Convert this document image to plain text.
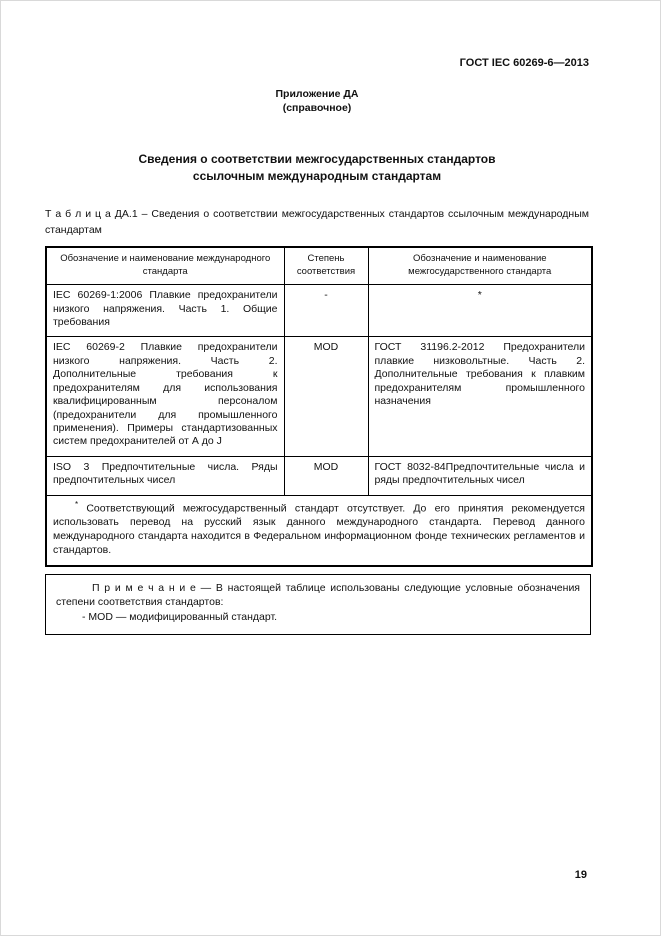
ГОСТ IEC 60269-6—2013
Приложение ДА
(справочное)
Сведения о соответствии межгосударственных стандартов
ссылочным международным стандартам
Т а б л и ц а ДА.1 – Сведения о соответствии межгосударственных стандартов ссылочным международным стандартам
Обозначение и наименование международного стандарта	Степень соответствия	Обозначение и наименование межгосударственного стандарта
IEC 60269-1:2006 Плавкие предохранители низкого напряжения. Часть 1. Общие требования	-	*
IEC 60269-2 Плавкие предохранители низкого напряжения. Часть 2. Дополнительные требования к предохранителям для использования квалифицированным персоналом (предохранители для промышленного применения). Примеры стандартизованных систем предохранителей от А до J	MOD	ГОСТ 31196.2-2012 Предохранители плавкие низковольтные. Часть 2. Дополнительные требования к плавким предохранителям промышленного назначения
ISO 3 Предпочтительные числа. Ряды предпочтительных чисел	MOD	ГОСТ 8032-84Предпочтительные числа и ряды предпочтительных чисел

* Соответствующий межгосударственный стандарт отсутствует. До его принятия рекомендуется использовать перевод на русский язык данного международного стандарта. Перевод данного международного стандарта находится в Федеральном информационном фонде технических регламентов и стандартов.		
П р и м е ч а н и е — В настоящей таблице использованы следующие условные обозначения степени соответствия стандартов:
- MOD — модифицированный стандарт.
19
